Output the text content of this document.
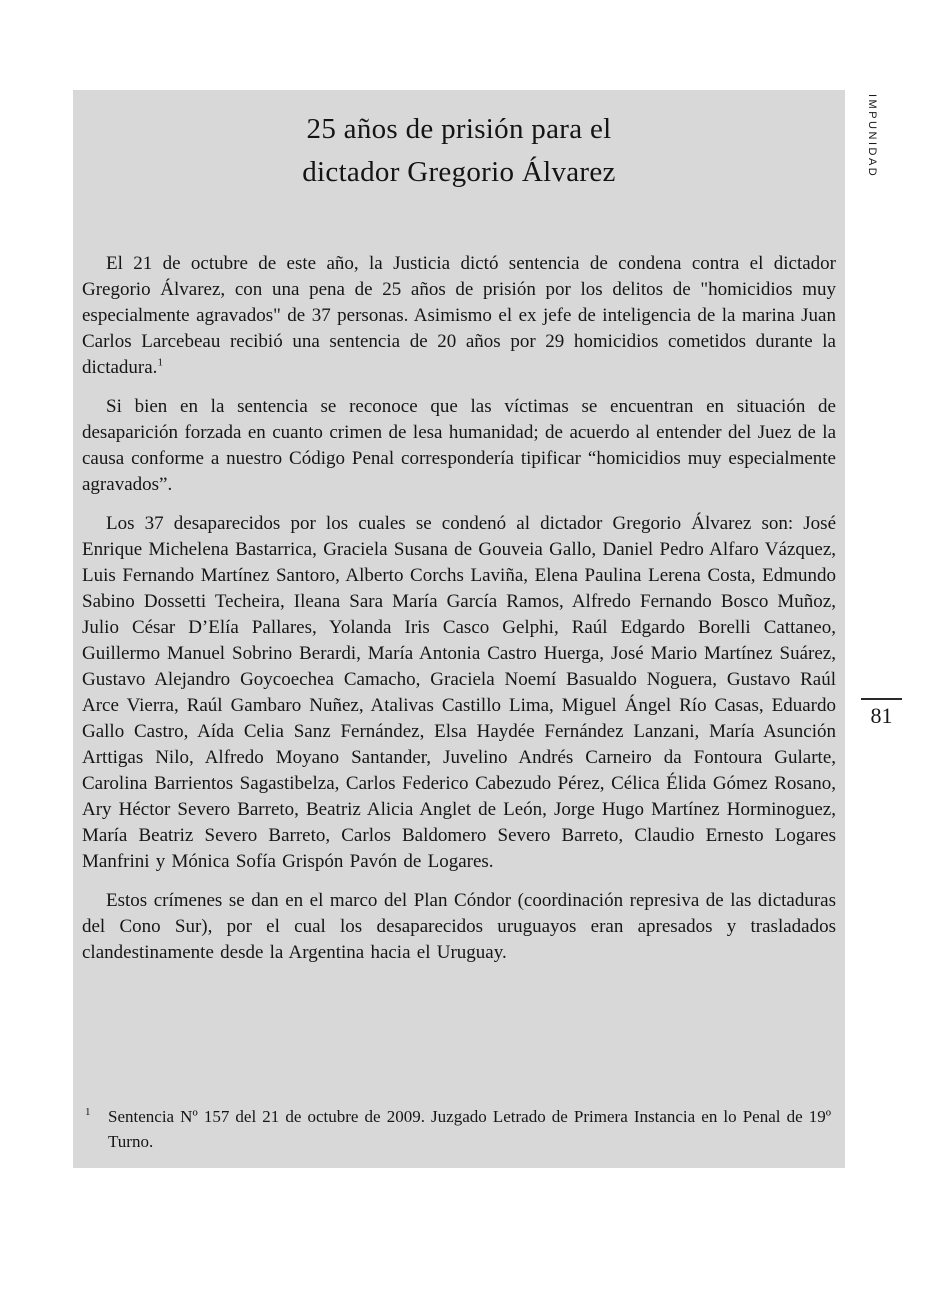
25 años de prisión para el
dictador Gregorio Álvarez

El 21 de octubre de este año, la Justicia dictó sentencia de condena contra el dictador Gregorio Álvarez, con una pena de 25 años de prisión por los delitos de "homicidios muy especialmente agravados" de 37 personas. Asimismo el ex jefe de inteligencia de la marina Juan Carlos Larcebeau recibió una sentencia de 20 años por 29 homicidios cometidos durante la dictadura.$^1$

Si bien en la sentencia se reconoce que las víctimas se encuentran en situación de desaparición forzada en cuanto crimen de lesa humanidad; de acuerdo al entender del Juez de la causa conforme a nuestro Código Penal correspondería tipificar “homicidios muy especialmente agravados”.

Los 37 desaparecidos por los cuales se condenó al dictador Gregorio Álvarez son: José Enrique Michelena Bastarrica, Graciela Susana de Gouveia Gallo, Daniel Pedro Alfaro Vázquez, Luis Fernando Martínez Santoro, Alberto Corchs Laviña, Elena Paulina Lerena Costa, Edmundo Sabino Dossetti Techeira, Ileana Sara María García Ramos, Alfredo Fernando Bosco Muñoz, Julio César D’Elía Pallares, Yolanda Iris Casco Gelphi, Raúl Edgardo Borelli Cattaneo, Guillermo Manuel Sobrino Berardi, María Antonia Castro Huerga, José Mario Martínez Suárez, Gustavo Alejandro Goycoechea Camacho, Graciela Noemí Basualdo Noguera, Gustavo Raúl Arce Vierra, Raúl Gambaro Nuñez, Atalivas Castillo Lima, Miguel Ángel Río Casas, Eduardo Gallo Castro, Aída Celia Sanz Fernández, Elsa Haydée Fernández Lanzani, María Asunción Arttigas Nilo, Alfredo Moyano Santander, Juvelino Andrés Carneiro da Fontoura Gularte, Carolina Barrientos Sagastibelza, Carlos Federico Cabezudo Pérez, Célica Élida Gómez Rosano, Ary Héctor Severo Barreto, Beatriz Alicia Anglet de León, Jorge Hugo Martínez Horminoguez, María Beatriz Severo Barreto, Carlos Baldomero Severo Barreto, Claudio Ernesto Logares Manfrini y Mónica Sofía Grispón Pavón de Logares.

Estos crímenes se dan en el marco del Plan Cóndor (coordinación represiva de las dictaduras del Cono Sur), por el cual los desaparecidos uruguayos eran apresados y trasladados clandestinamente desde la Argentina hacia el Uruguay.

1	Sentencia Nº 157 del 21 de octubre de 2009. Juzgado Letrado de Primera Instancia en lo Penal de 19º Turno.
IMPUNIDAD
81
